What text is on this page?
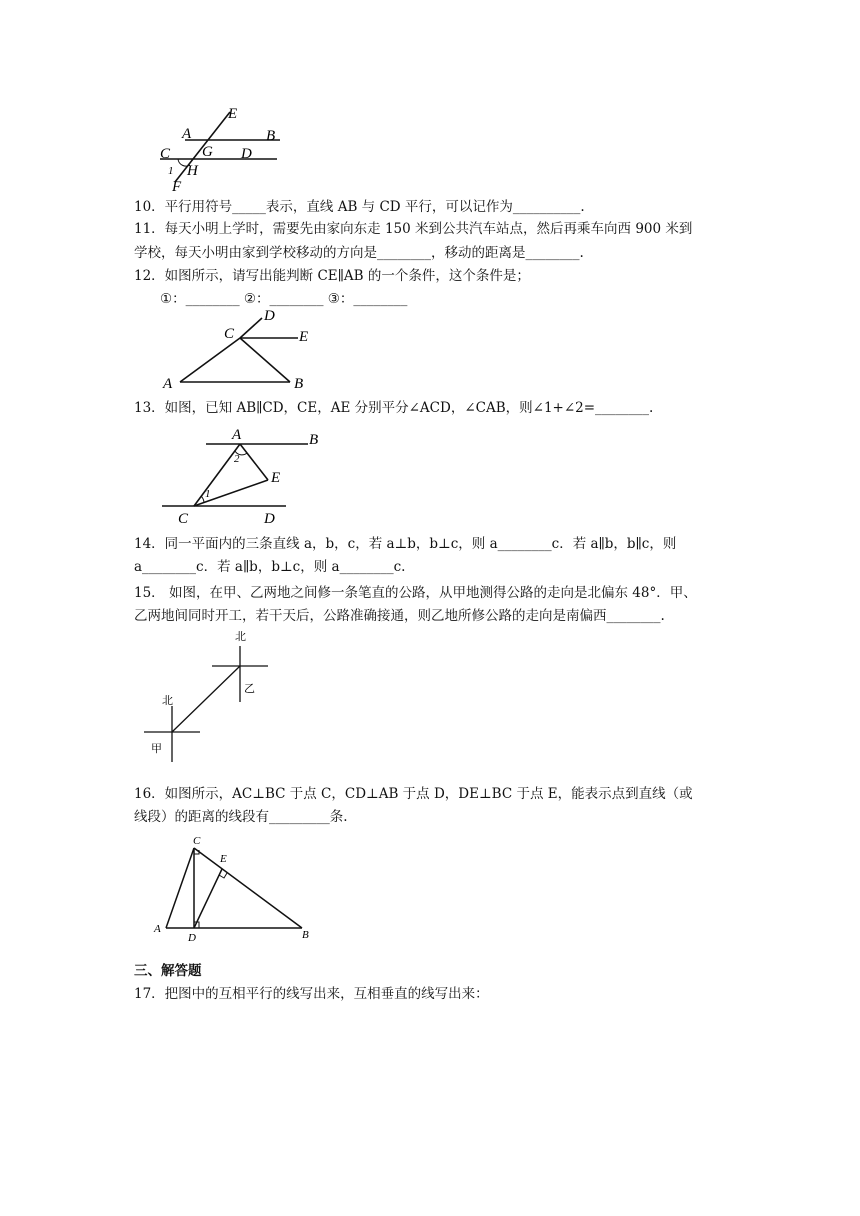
E
A	B
C G D
1 H
F
10．平行用符号_____表示，直线 AB 与 CD 平行，可以记作为__________.
11．每天小明上学时，需要先由家向东走 150 米到公共汽车站点，然后再乘车向西 900 米到
学校，每天小明由家到学校移动的方向是________，移动的距离是________.
12．如图所示，请写出能判断 CE∥AB 的一个条件，这个条件是；
①：________ ②：________ ③：________
C
D
E
A	B
13．如图，已知 AB∥CD，CE，AE 分别平分∠ACD，∠CAB，则∠1+∠2=________.
A	B
2
E
1
C	D
14．同一平面内的三条直线 a，b，c，若 a⊥b，b⊥c，则 a________c．若 a∥b，b∥c，则
a________c．若 a∥b，b⊥c，则 a________c.
15． 如图，在甲、乙两地之间修一条笔直的公路，从甲地测得公路的走向是北偏东 48°．甲、
乙两地间同时开工，若干天后，公路准确接通，则乙地所修公路的走向是南偏西________.
北
乙
北
甲
16．如图所示，AC⊥BC 于点 C，CD⊥AB 于点 D，DE⊥BC 于点 E，能表示点到直线（或
线段）的距离的线段有_________条.
C
E
A
D	B
三、解答题
17．把图中的互相平行的线写出来，互相垂直的线写出来：
